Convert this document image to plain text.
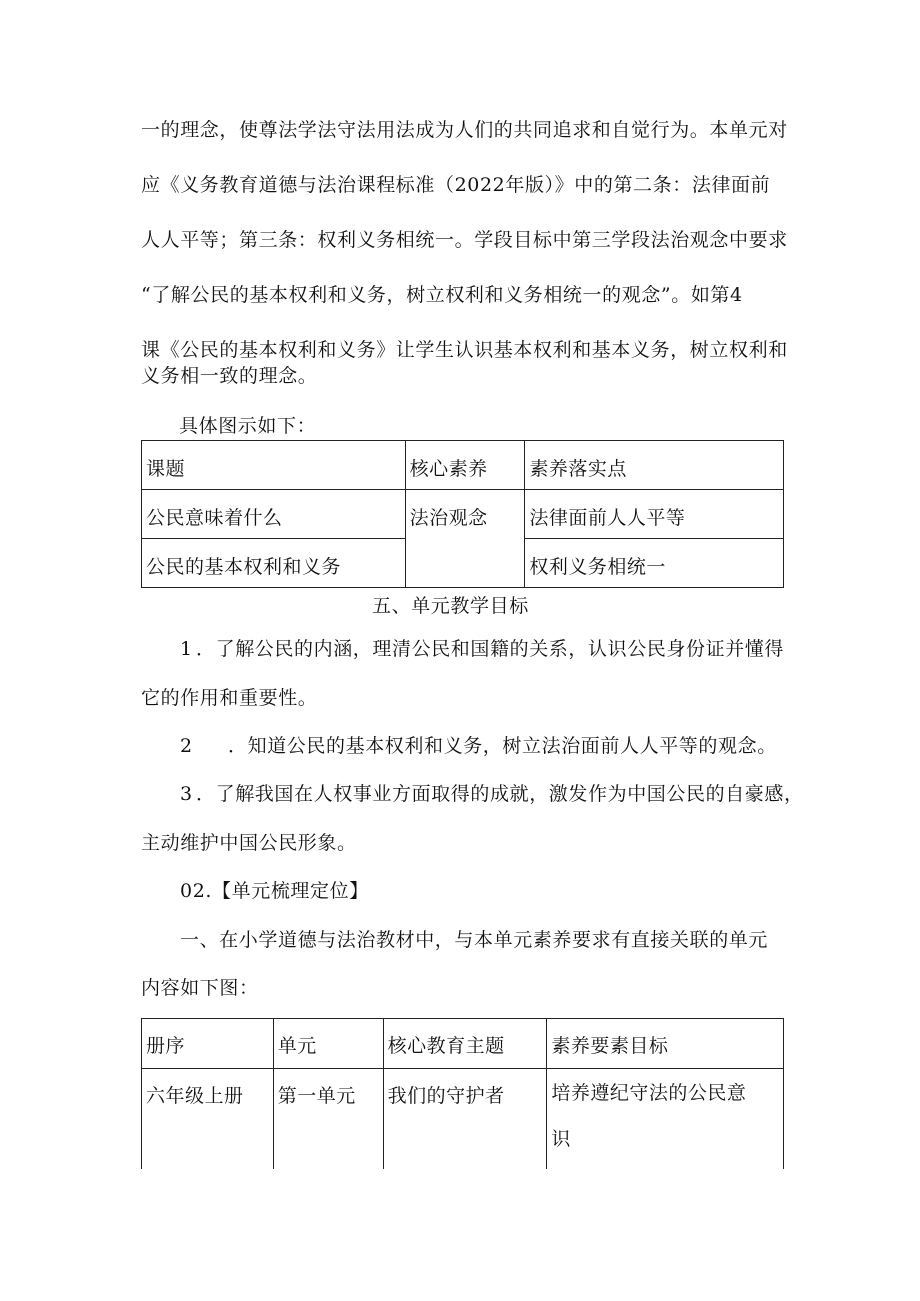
一的理念，使尊法学法守法用法成为人们的共同追求和自觉行为。本单元对
应《义务教育道德与法治课程标准（2022年版）》中的第二条：法律面前
人人平等；第三条：权利义务相统一。学段目标中第三学段法治观念中要求
“了解公民的基本权利和义务，树立权利和义务相统一的观念”。如第4
课《公民的基本权利和义务》让学生认识基本权利和基本义务，树立权利和
义务相一致的理念。
具体图示如下：
课题	核心素养	素养落实点
公民意味着什么	法治观念	法律面前人人平等
公民的基本权利和义务		权利义务相统一
五、单元教学目标
1 ．了解公民的内涵，理清公民和国籍的关系，认识公民身份证并懂得
它的作用和重要性。
2 ．知道公民的基本权利和义务，树立法治面前人人平等的观念。
3 ．了解我国在人权事业方面取得的成就，激发作为中国公民的自豪感，
主动维护中国公民形象。
02.【单元梳理定位】
一、在小学道德与法治教材中，与本单元素养要求有直接关联的单元
内容如下图：
册序	单元	核心教育主题	素养要素目标
六年级上册	第一单元	我们的守护者	培养遵纪守法的公民意
识
